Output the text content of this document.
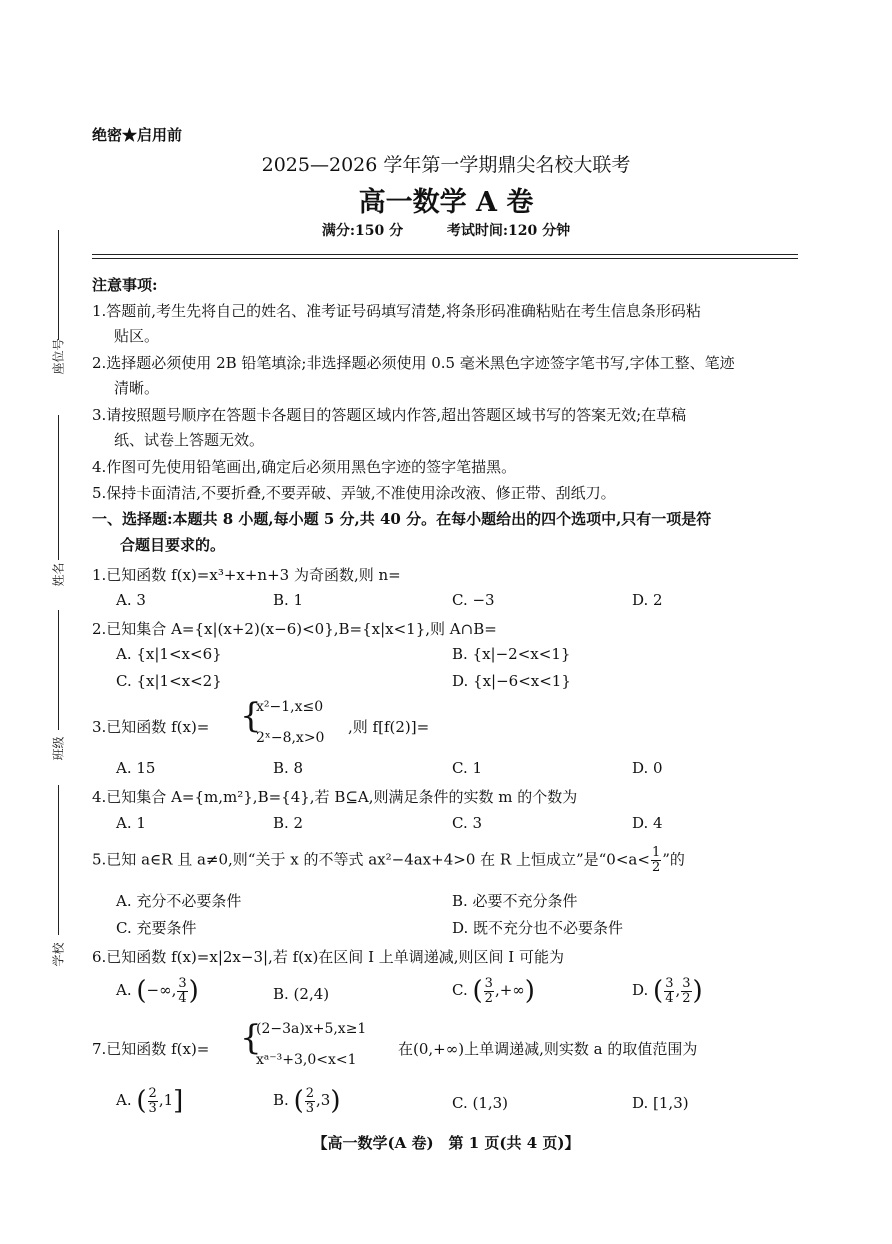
座位号
姓名
班级
学校
绝密★启用前
2025—2026 学年第一学期鼎尖名校大联考
高一数学 A 卷
满分:150 分	考试时间:120 分钟
注意事项:
1.答题前,考生先将自己的姓名、准考证号码填写清楚,将条形码准确粘贴在考生信息条形码粘
贴区。
2.选择题必须使用 2B 铅笔填涂;非选择题必须使用 0.5 毫米黑色字迹签字笔书写,字体工整、笔迹
清晰。
3.请按照题号顺序在答题卡各题目的答题区域内作答,超出答题区域书写的答案无效;在草稿
纸、试卷上答题无效。
4.作图可先使用铅笔画出,确定后必须用黑色字迹的签字笔描黑。
5.保持卡面清洁,不要折叠,不要弄破、弄皱,不准使用涂改液、修正带、刮纸刀。
一、选择题:本题共 8 小题,每小题 5 分,共 40 分。在每小题给出的四个选项中,只有一项是符
合题目要求的。
1.已知函数 f(x)=x³+x+n+3 为奇函数,则 n=
A. 3	B. 1	C. −3	D. 2
2.已知集合 A={x|(x+2)(x−6)<0},B={x|x<1},则 A∩B=
A. {x|1<x<6}	B. {x|−2<x<1}
C. {x|1<x<2}	D. {x|−6<x<1}
3.已知函数 f(x)= {
x²−1,x≤0
2ˣ−8,x>0
,则 f[f(2)]=
A. 15	B. 8	C. 1	D. 0
4.已知集合 A={m,m²},B={4},若 B⊆A,则满足条件的实数 m 的个数为
A. 1	B. 2	C. 3	D. 4
5.已知 a∈R 且 a≠0,则“关于 x 的不等式 ax²−4ax+4>0 在 R 上恒成立”是“$0<a< \frac{1}{2}$ ”的
A. 充分不必要条件	B. 必要不充分条件
C. 充要条件	D. 既不充分也不必要条件
6.已知函数 f(x)=x|2x−3|,若 f(x)在区间 I 上单调递减,则区间 I 可能为
A. (−∞, $\frac{3}{4}$ )	B. (2,4)	C. ( $\frac{3}{2}$ ,+∞)	D. ( $\frac{3}{4}$ , $\frac{3}{2}$ )
7.已知函数 f(x)= {
(2−3a)x+5,x≥1
xᵃ⁻³+3,0<x<1
在(0,+∞)上单调递减,则实数 a 的取值范围为
A. ( $\frac{2}{3} ,1$]	B. ( $\frac{2}{3} ,3$)	C. (1,3)	D. [1,3)
【高一数学(A 卷)　第 1 页(共 4 页)】
